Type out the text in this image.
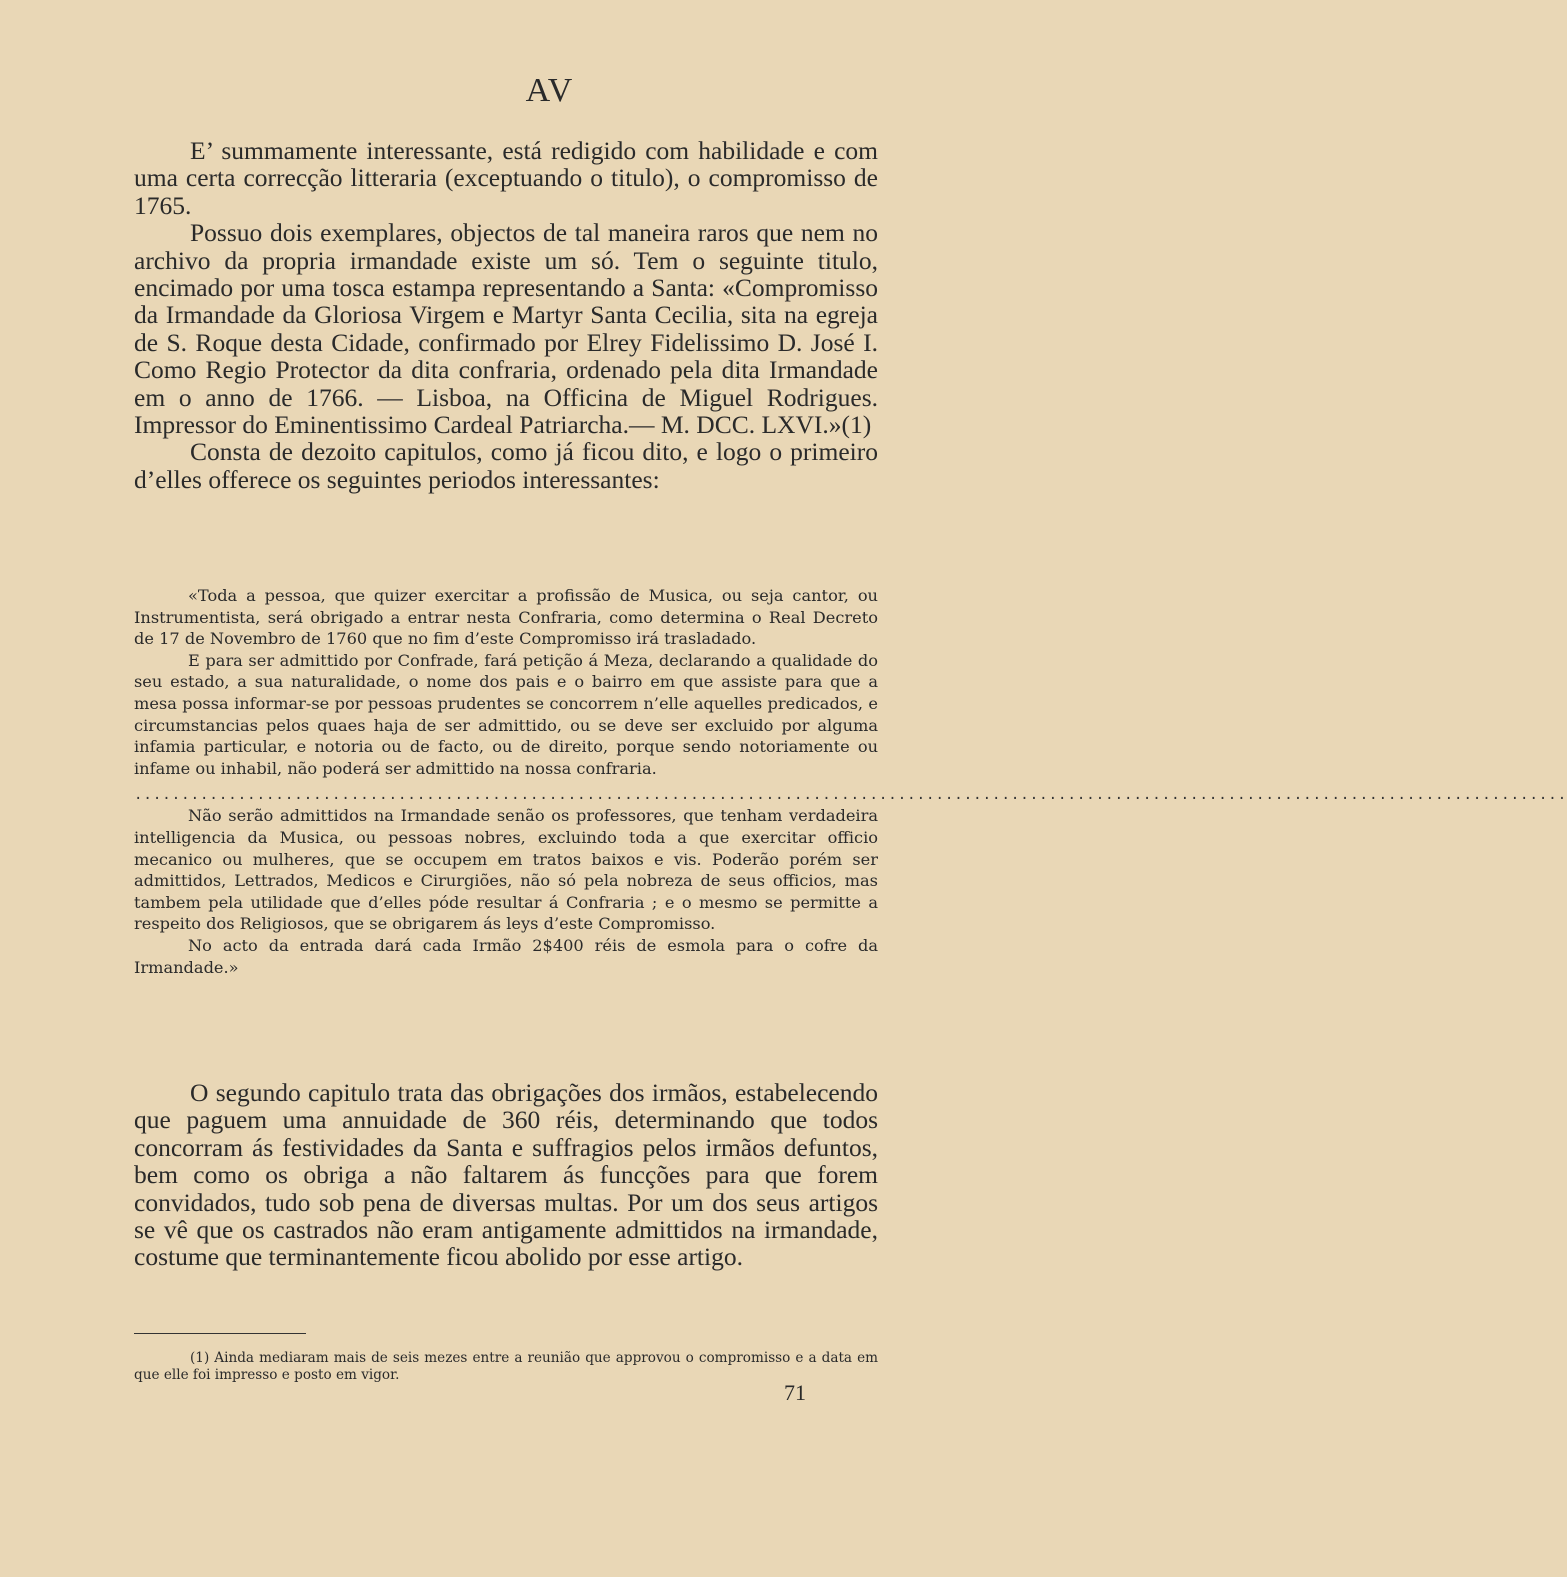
AV

E’ summamente interessante, está redigido com habilidade e com uma certa correcção litteraria (exceptuando o titulo), o compromisso de 1765.

Possuo dois exemplares, objectos de tal maneira raros que nem no archivo da propria irmandade existe um só. Tem o seguinte titulo, encimado por uma tosca estampa representando a Santa: «Compromisso da Irmandade da Gloriosa Virgem e Martyr Santa Cecilia, sita na egreja de S. Roque desta Cidade, confirmado por Elrey Fidelissimo D. José I. Como Regio Protector da dita confraria, ordenado pela dita Irmandade em o anno de 1766. — Lisboa, na Officina de Miguel Rodrigues. Impressor do Eminentissimo Cardeal Patriarcha.— M. DCC. LXVI.»(1)

Consta de dezoito capitulos, como já ficou dito, e logo o primeiro d’elles offerece os seguintes periodos interessantes:

«Toda a pessoa, que quizer exercitar a profissão de Musica, ou seja cantor, ou Instrumentista, será obrigado a entrar nesta Confraria, como determina o Real Decreto de 17 de Novembro de 1760 que no fim d’este Compromisso irá trasladado.

E para ser admittido por Confrade, fará petição á Meza, declarando a qualidade do seu estado, a sua naturalidade, o nome dos pais e o bairro em que assiste para que a mesa possa informar-se por pessoas prudentes se concorrem n’elle aquelles predicados, e circumstancias pelos quaes haja de ser admittido, ou se deve ser excluido por alguma infamia particular, e notoria ou de facto, ou de direito, porque sendo notoriamente ou infame ou inhabil, não poderá ser admittido na nossa confraria.

........................................................................................................................................................

Não serão admittidos na Irmandade senão os professores, que tenham verdadeira intelligencia da Musica, ou pessoas nobres, excluindo toda a que exercitar officio mecanico ou mulheres, que se occupem em tratos baixos e vis. Poderão porém ser admittidos, Lettrados, Medicos e Cirurgiões, não só pela nobreza de seus officios, mas tambem pela utilidade que d’elles póde resultar á Confraria ; e o mesmo se permitte a respeito dos Religiosos, que se obrigarem ás leys d’este Compromisso.

No acto da entrada dará cada Irmão 2$400 réis de esmola para o cofre da Irmandade.»

O segundo capitulo trata das obrigações dos irmãos, estabelecendo que paguem uma annuidade de 360 réis, determinando que todos concorram ás festividades da Santa e suffragios pelos irmãos defuntos, bem como os obriga a não faltarem ás funcções para que forem convidados, tudo sob pena de diversas multas. Por um dos seus artigos se vê que os castrados não eram antigamente admittidos na irmandade, costume que terminantemente ficou abolido por esse artigo.

(1) Ainda mediaram mais de seis mezes entre a reunião que approvou o compromisso e a data em que elle foi impresso e posto em vigor.

71
